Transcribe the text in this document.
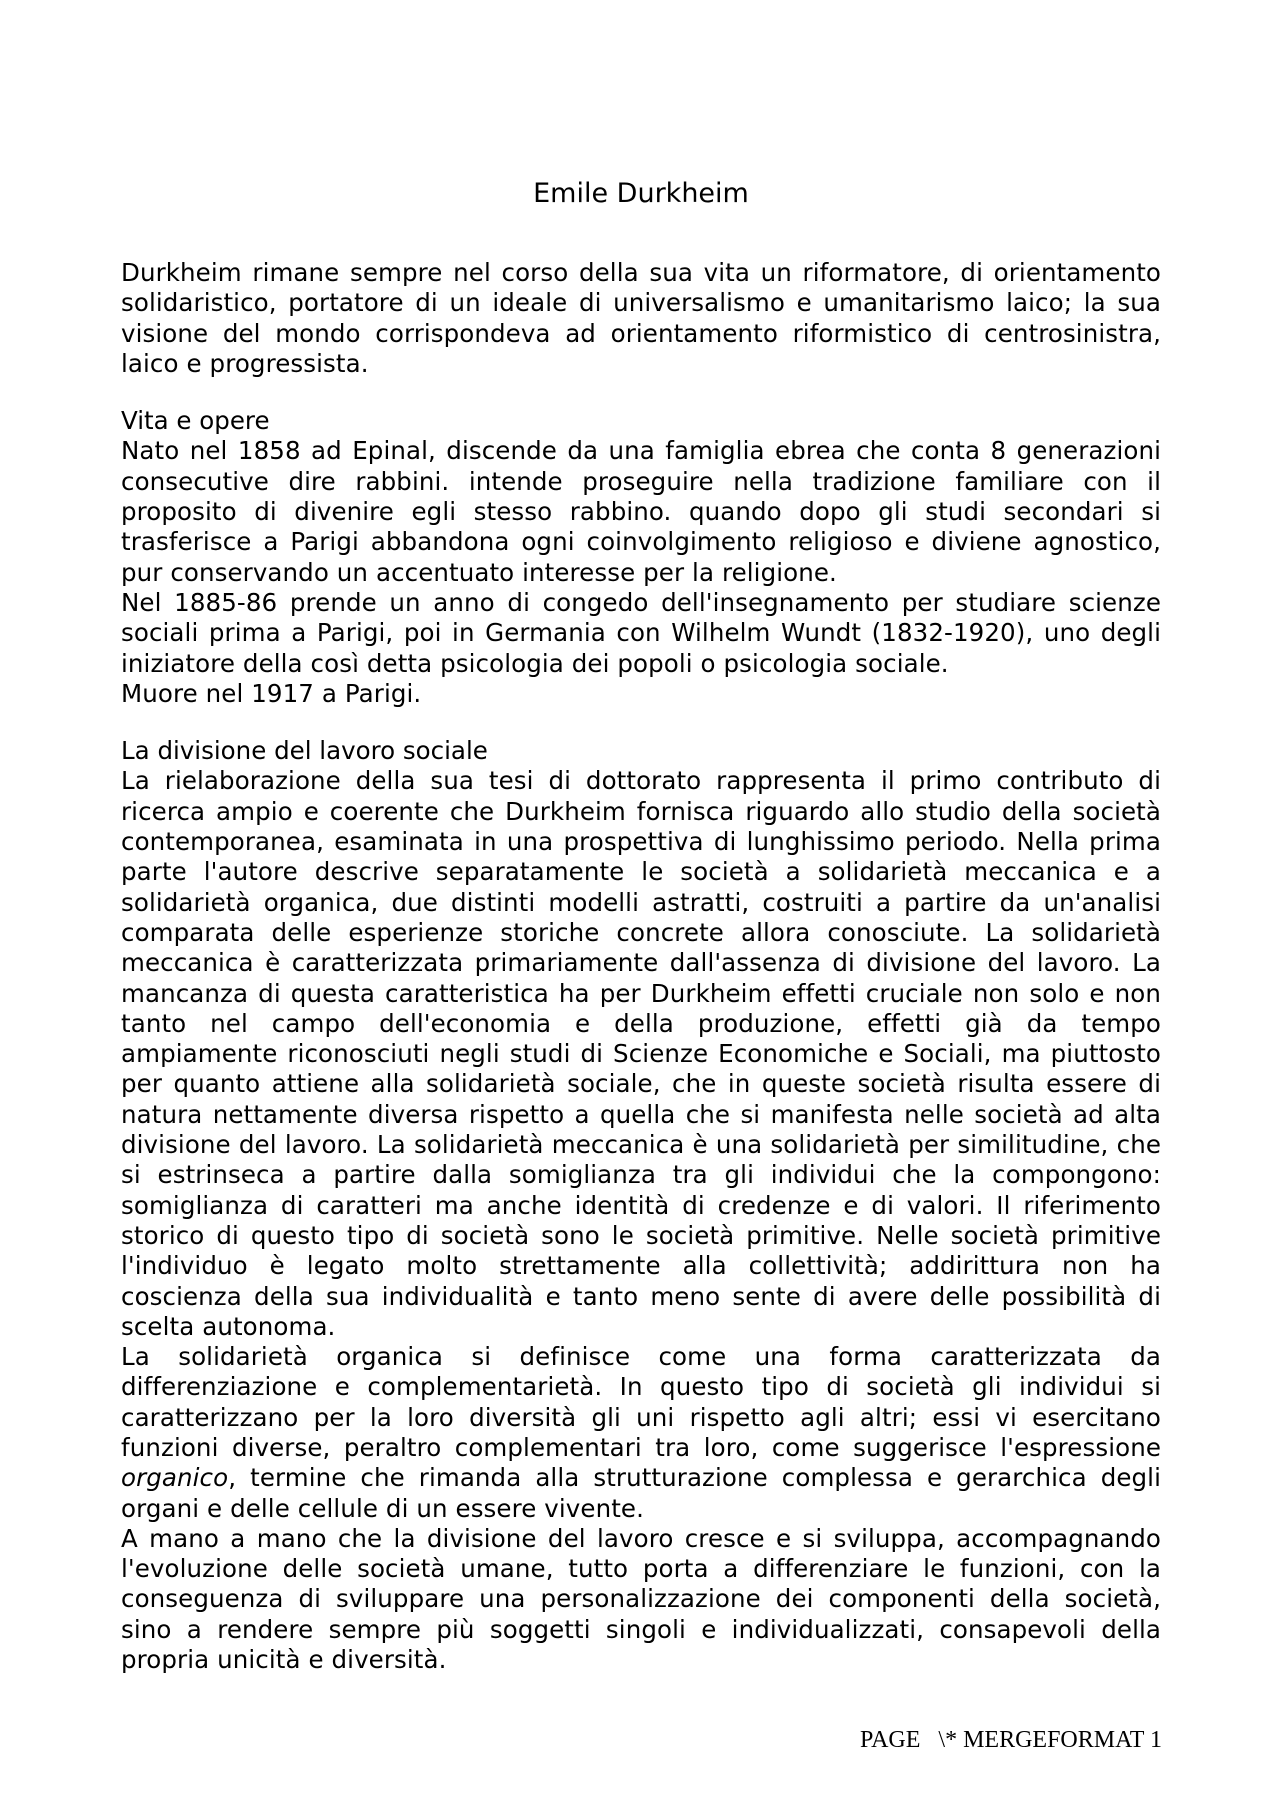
Emile Durkheim

Durkheim rimane sempre nel corso della sua vita un riformatore, di orientamento solidaristico, portatore di un ideale di universalismo e umanitarismo laico; la sua visione del mondo corrispondeva ad orientamento riformistico di centrosinistra, laico e progressista.

Vita e opere

Nato nel 1858 ad Epinal, discende da una famiglia ebrea che conta 8 generazioni consecutive dire rabbini. intende proseguire nella tradizione familiare con il proposito di divenire egli stesso rabbino. quando dopo gli studi secondari si trasferisce a Parigi abbandona ogni coinvolgimento religioso e diviene agnostico, pur conservando un accentuato interesse per la religione.

Nel 1885-86 prende un anno di congedo dell'insegnamento per studiare scienze sociali prima a Parigi, poi in Germania con Wilhelm Wundt (1832-1920), uno degli iniziatore della così detta psicologia dei popoli o psicologia sociale.

Muore nel 1917 a Parigi.

La divisione del lavoro sociale

La rielaborazione della sua tesi di dottorato rappresenta il primo contributo di ricerca ampio e coerente che Durkheim fornisca riguardo allo studio della società contemporanea, esaminata in una prospettiva di lunghissimo periodo. Nella prima parte l'autore descrive separatamente le società a solidarietà meccanica e a solidarietà organica, due distinti modelli astratti, costruiti a partire da un'analisi comparata delle esperienze storiche concrete allora conosciute. La solidarietà meccanica è caratterizzata primariamente dall'assenza di divisione del lavoro. La mancanza di questa caratteristica ha per Durkheim effetti cruciale non solo e non tanto nel campo dell'economia e della produzione, effetti già da tempo ampiamente riconosciuti negli studi di Scienze Economiche e Sociali, ma piuttosto per quanto attiene alla solidarietà sociale, che in queste società risulta essere di natura nettamente diversa rispetto a quella che si manifesta nelle società ad alta divisione del lavoro. La solidarietà meccanica è una solidarietà per similitudine, che si estrinseca a partire dalla somiglianza tra gli individui che la compongono: somiglianza di caratteri ma anche identità di credenze e di valori. Il riferimento storico di questo tipo di società sono le società primitive. Nelle società primitive l'individuo è legato molto strettamente alla collettività; addirittura non ha coscienza della sua individualità e tanto meno sente di avere delle possibilità di scelta autonoma.

La solidarietà organica si definisce come una forma caratterizzata da differenziazione e complementarietà. In questo tipo di società gli individui si caratterizzano per la loro diversità gli uni rispetto agli altri; essi vi esercitano funzioni diverse, peraltro complementari tra loro, come suggerisce l'espressione organico, termine che rimanda alla strutturazione complessa e gerarchica degli organi e delle cellule di un essere vivente.

A mano a mano che la divisione del lavoro cresce e si sviluppa, accompagnando l'evoluzione delle società umane, tutto porta a differenziare le funzioni, con la conseguenza di sviluppare una personalizzazione dei componenti della società, sino a rendere sempre più soggetti singoli e individualizzati, consapevoli della propria unicità e diversità.

PAGE   \* MERGEFORMAT 1
